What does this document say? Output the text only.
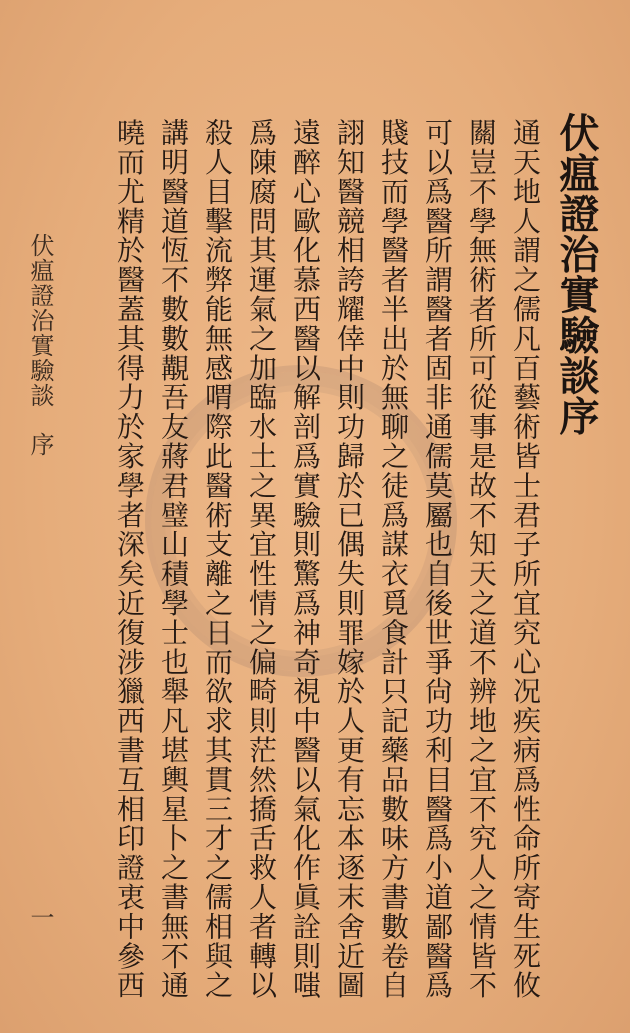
伏瘟證治實驗談序
通天地人謂之儒凡百藝術皆士君子所宜究心况疾病爲性命所寄生死攸
關豈不學無術者所可從事是故不知天之道不辨地之宜不究人之情皆不
可以爲醫所謂醫者固非通儒莫屬也自後世爭尙功利目醫爲小道鄙醫爲
賤技而學醫者半出於無聊之徒爲謀衣覓食計只記藥品數味方書數卷自
詡知醫競相誇耀倖中則功歸於已偶失則罪嫁於人更有忘本逐末舍近圖
遠醉心歐化慕西醫以解剖爲實驗則驚爲神奇視中醫以氣化作眞詮則嗤
爲陳腐問其運氣之加臨水土之異宜性情之偏畸則茫然撟舌救人者轉以
殺人目擊流弊能無感喟際此醫術支離之日而欲求其貫三才之儒相與之
講明醫道恆不數數覯吾友蔣君璧山積學士也舉凡堪輿星卜之書無不通
曉而尤精於醫蓋其得力於家學者深矣近復涉獵西書互相印證衷中參西
伏瘟證治實驗談序
一
